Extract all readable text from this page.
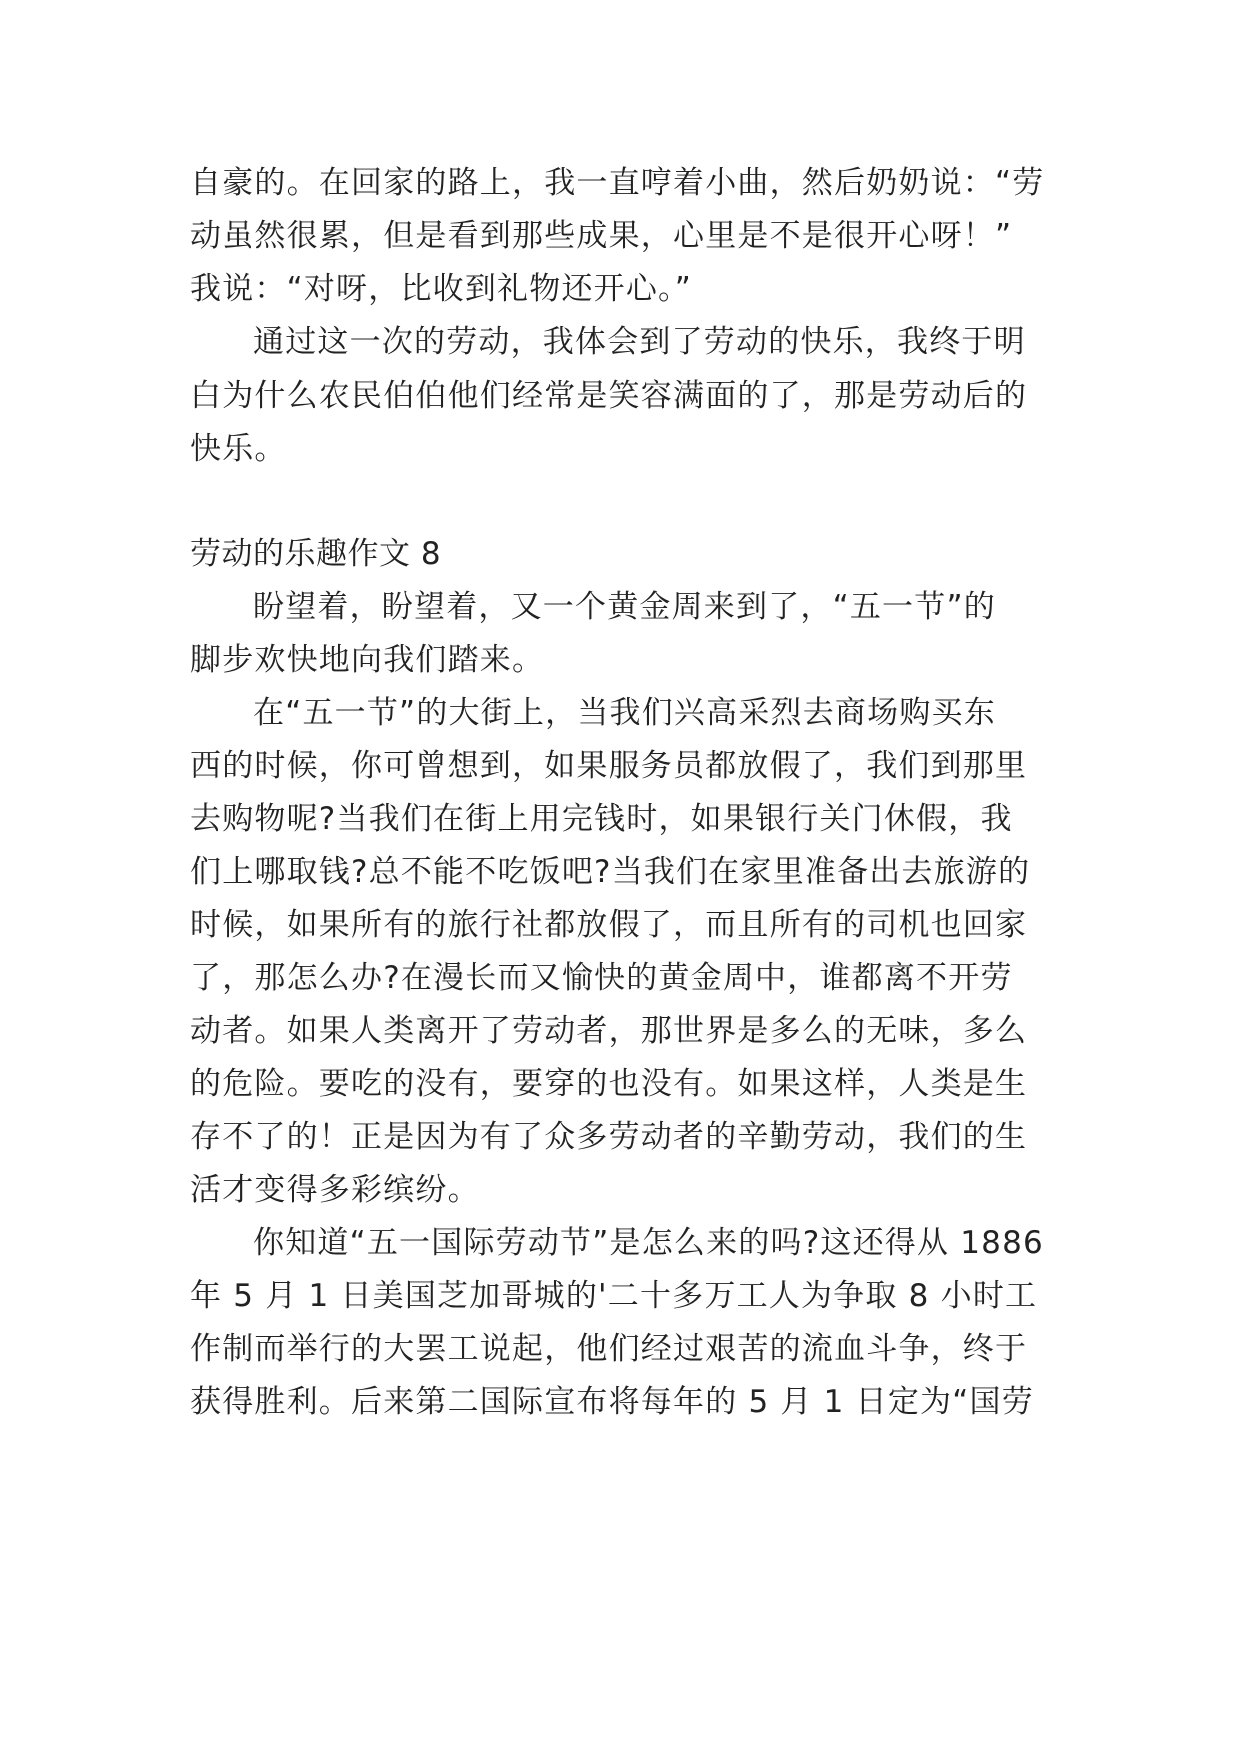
自豪的。在回家的路上，我一直哼着小曲，然后奶奶说：“劳
动虽然很累，但是看到那些成果，心里是不是很开心呀！”
我说：“对呀，比收到礼物还开心。”
通过这一次的劳动，我体会到了劳动的快乐，我终于明
白为什么农民伯伯他们经常是笑容满面的了，那是劳动后的
快乐。
劳动的乐趣作文 8
盼望着，盼望着，又一个黄金周来到了，“五一节”的
脚步欢快地向我们踏来。
在“五一节”的大街上，当我们兴高采烈去商场购买东
西的时候，你可曾想到，如果服务员都放假了，我们到那里
去购物呢?当我们在街上用完钱时，如果银行关门休假，我
们上哪取钱?总不能不吃饭吧?当我们在家里准备出去旅游的
时候，如果所有的旅行社都放假了，而且所有的司机也回家
了，那怎么办?在漫长而又愉快的黄金周中，谁都离不开劳
动者。如果人类离开了劳动者，那世界是多么的无味，多么
的危险。要吃的没有，要穿的也没有。如果这样，人类是生
存不了的！正是因为有了众多劳动者的辛勤劳动，我们的生
活才变得多彩缤纷。
你知道“五一国际劳动节”是怎么来的吗?这还得从 1886
年 5 月 1 日美国芝加哥城的'二十多万工人为争取 8 小时工
作制而举行的大罢工说起，他们经过艰苦的流血斗争，终于
获得胜利。后来第二国际宣布将每年的 5 月 1 日定为“国劳
